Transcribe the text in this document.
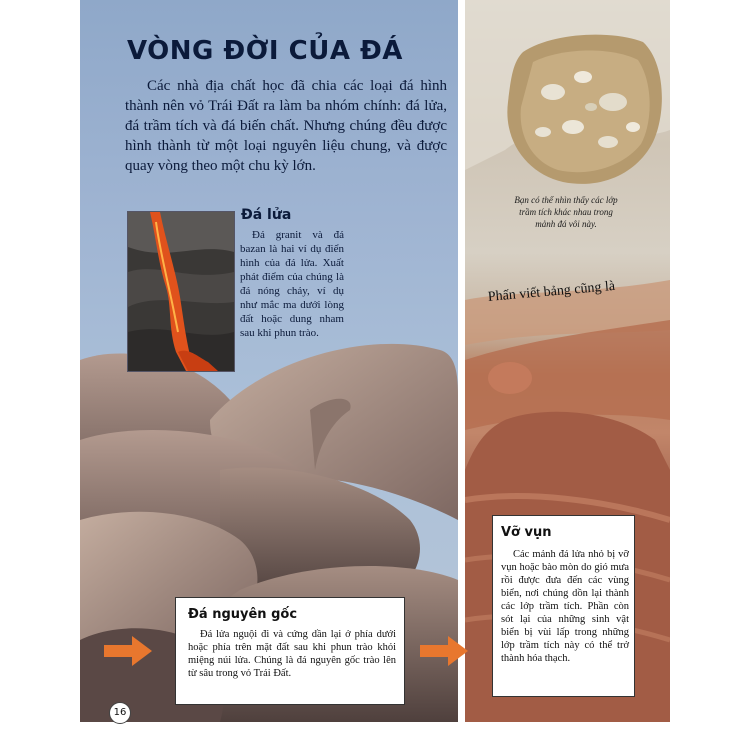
VÒNG ĐỜI CỦA ĐÁ

Các nhà địa chất học đã chia các loại đá hình thành nên vỏ Trái Đất ra làm ba nhóm chính: đá lửa, đá trầm tích và đá biến chất. Nhưng chúng đều được hình thành từ một loại nguyên liệu chung, và được quay vòng theo một chu kỳ lớn.

Đá lửa

Đá granit và đá bazan là hai ví dụ điển hình của đá lửa. Xuất phát điểm của chúng là đá nóng chảy, ví dụ như mắc ma dưới lòng đất hoặc dung nham sau khi phun trào.

Bạn có thể nhìn thấy các lớp trầm tích khác nhau trong mảnh đá vôi này.

Phấn viết bảng cũng là

Đá nguyên gốc

Đá lửa nguội đi và cứng dần lại ở phía dưới hoặc phía trên mặt đất sau khi phun trào khỏi miệng núi lửa. Chúng là đá nguyên gốc trào lên từ sâu trong vỏ Trái Đất.

Vỡ vụn

Các mảnh đá lửa nhỏ bị vỡ vụn hoặc bào mòn do gió mưa rồi được đưa đến các vùng biển, nơi chúng dồn lại thành các lớp trầm tích. Phần còn sót lại của những sinh vật biển bị vùi lấp trong những lớp trầm tích này có thể trở thành hóa thạch.

16
